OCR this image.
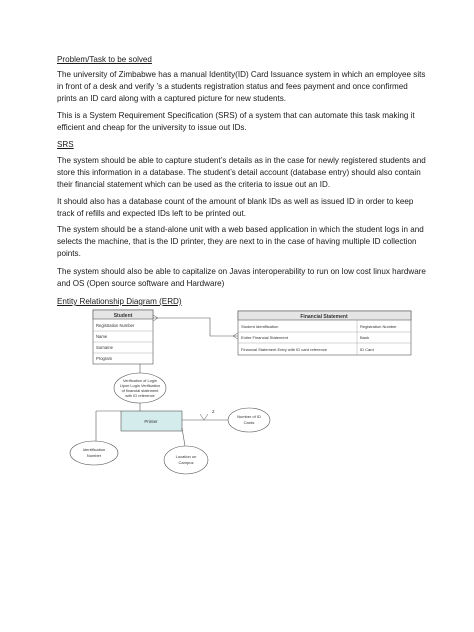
Problem/Task to be solved

The university of Zimbabwe has a manual Identity(ID) Card Issuance system in which an employee sits in front of a desk and verify ’s a students registration status and fees payment and once confirmed prints an ID card along with a captured picture for new students.

This is a System Requirement Specification (SRS) of a system that can automate this task making it efficient and cheap for the university to issue out IDs.

SRS

The system should be able to capture student’s details as in the case for newly registered students and store this information in a database. The student’s detail account (database entry) should also contain their financial statement which can be used as the criteria to issue out an ID.

It should also has a database count of the amount of blank IDs as well as issued ID in order to keep track of refills and expected IDs left to be printed out.

The system should be a stand-alone unit with a web based application in which the student logs in and selects the machine, that is the ID printer, they are next to in the case of having multiple ID collection points.

The system should also be able to capitalize on Javas interoperability to run on low cost linux hardware and OS (Open source software and Hardware)

Entity Relationship Diagram (ERD)

Student
Registration Number
Name
Surname
Program
Financial Statement
Student Identification	Registration Number
Entire Financial Statement	Bank
Financial Statement Entry with ID card reference	ID Card
Verification of Login
Upon Login Verification
of financial statement
with ID reference
Printer
2
Number of ID
Cards
Identification
Number	Location on
Campus
